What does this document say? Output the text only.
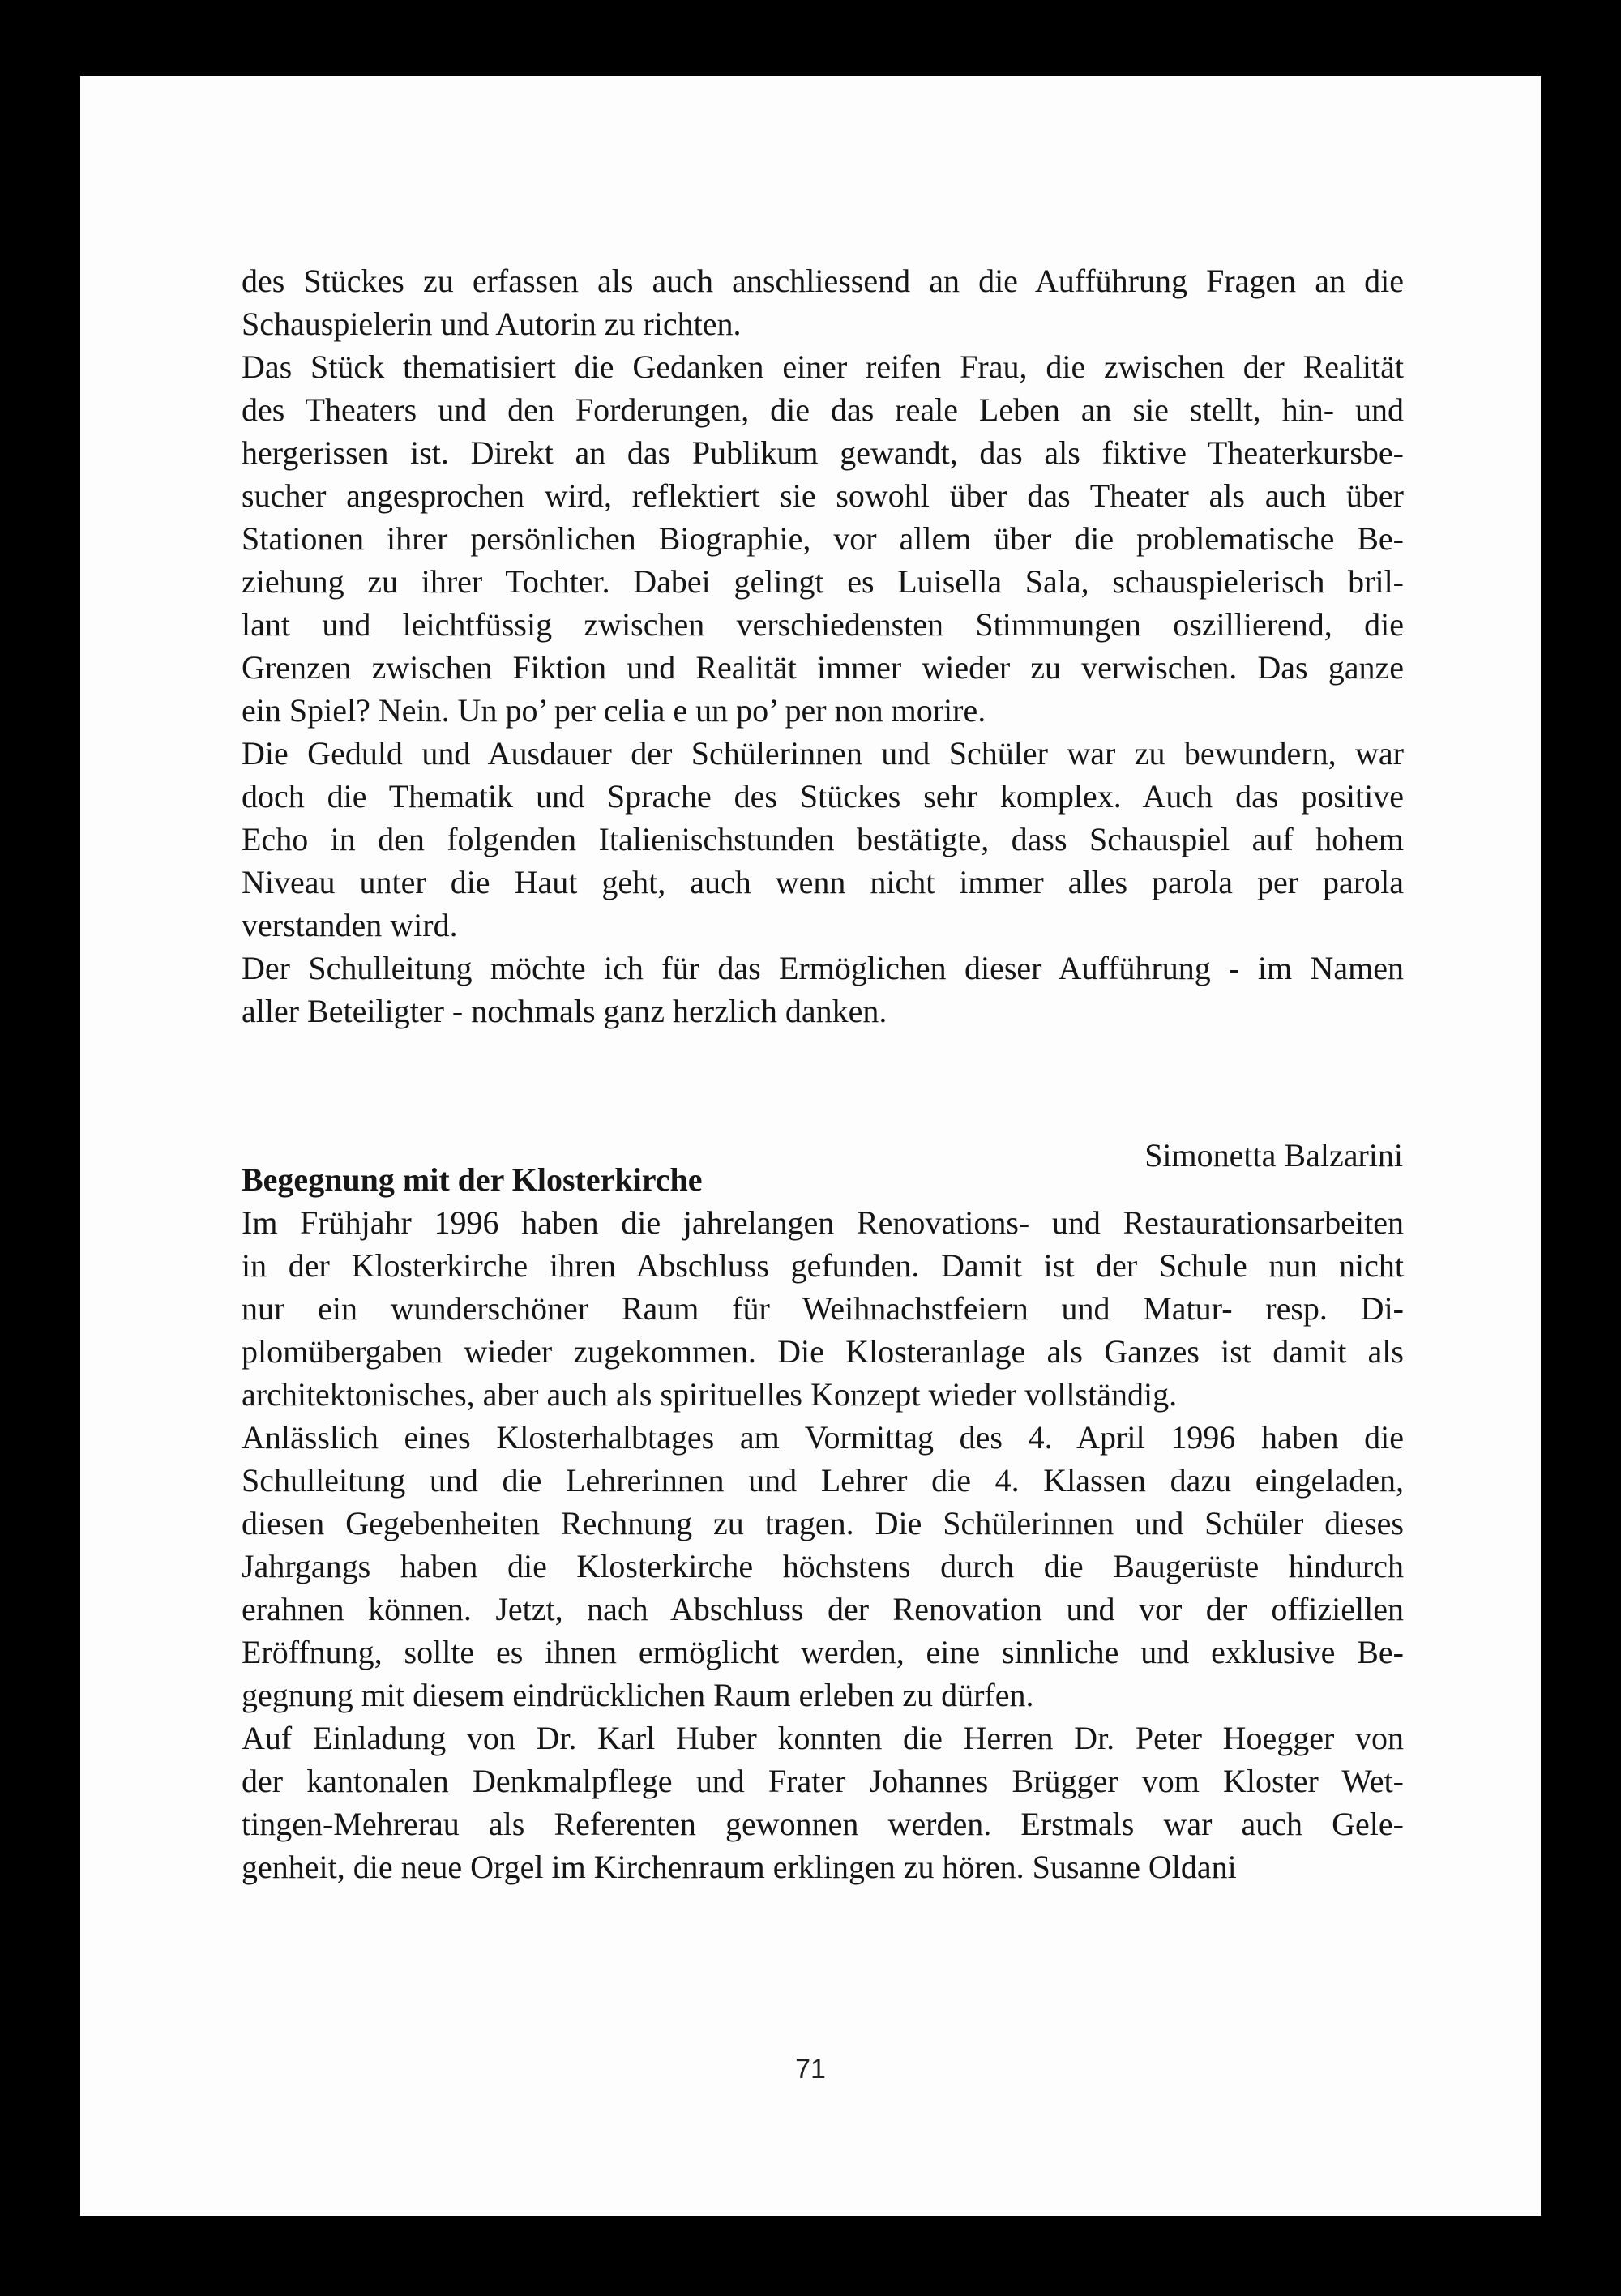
des Stückes zu erfassen als auch anschliessend an die Aufführung Fragen an die
Schauspielerin und Autorin zu richten.
Das Stück thematisiert die Gedanken einer reifen Frau, die zwischen der Realität
des Theaters und den Forderungen, die das reale Leben an sie stellt, hin- und
hergerissen ist. Direkt an das Publikum gewandt, das als fiktive Theaterkursbe-
sucher angesprochen wird, reflektiert sie sowohl über das Theater als auch über
Stationen ihrer persönlichen Biographie, vor allem über die problematische Be-
ziehung zu ihrer Tochter. Dabei gelingt es Luisella Sala, schauspielerisch bril-
lant und leichtfüssig zwischen verschiedensten Stimmungen oszillierend, die
Grenzen zwischen Fiktion und Realität immer wieder zu verwischen. Das ganze
ein Spiel? Nein. Un po’ per celia e un po’ per non morire.
Die Geduld und Ausdauer der Schülerinnen und Schüler war zu bewundern, war
doch die Thematik und Sprache des Stückes sehr komplex. Auch das positive
Echo in den folgenden Italienischstunden bestätigte, dass Schauspiel auf hohem
Niveau unter die Haut geht, auch wenn nicht immer alles parola per parola
verstanden wird.
Der Schulleitung möchte ich für das Ermöglichen dieser Aufführung - im Namen
aller Beteiligter - nochmals ganz herzlich danken.
Simonetta Balzarini
Begegnung mit der Klosterkirche
Im Frühjahr 1996 haben die jahrelangen Renovations- und Restaurationsarbeiten
in der Klosterkirche ihren Abschluss gefunden. Damit ist der Schule nun nicht
nur ein wunderschöner Raum für Weihnachstfeiern und Matur- resp. Di-
plomübergaben wieder zugekommen. Die Klosteranlage als Ganzes ist damit als
architektonisches, aber auch als spirituelles Konzept wieder vollständig.
Anlässlich eines Klosterhalbtages am Vormittag des 4. April 1996 haben die
Schulleitung und die Lehrerinnen und Lehrer die 4. Klassen dazu eingeladen,
diesen Gegebenheiten Rechnung zu tragen. Die Schülerinnen und Schüler dieses
Jahrgangs haben die Klosterkirche höchstens durch die Baugerüste hindurch
erahnen können. Jetzt, nach Abschluss der Renovation und vor der offiziellen
Eröffnung, sollte es ihnen ermöglicht werden, eine sinnliche und exklusive Be-
gegnung mit diesem eindrücklichen Raum erleben zu dürfen.
Auf Einladung von Dr. Karl Huber konnten die Herren Dr. Peter Hoegger von
der kantonalen Denkmalpflege und Frater Johannes Brügger vom Kloster Wet-
tingen-Mehrerau als Referenten gewonnen werden. Erstmals war auch Gele-
genheit, die neue Orgel im Kirchenraum erklingen zu hören. Susanne Oldani
71
